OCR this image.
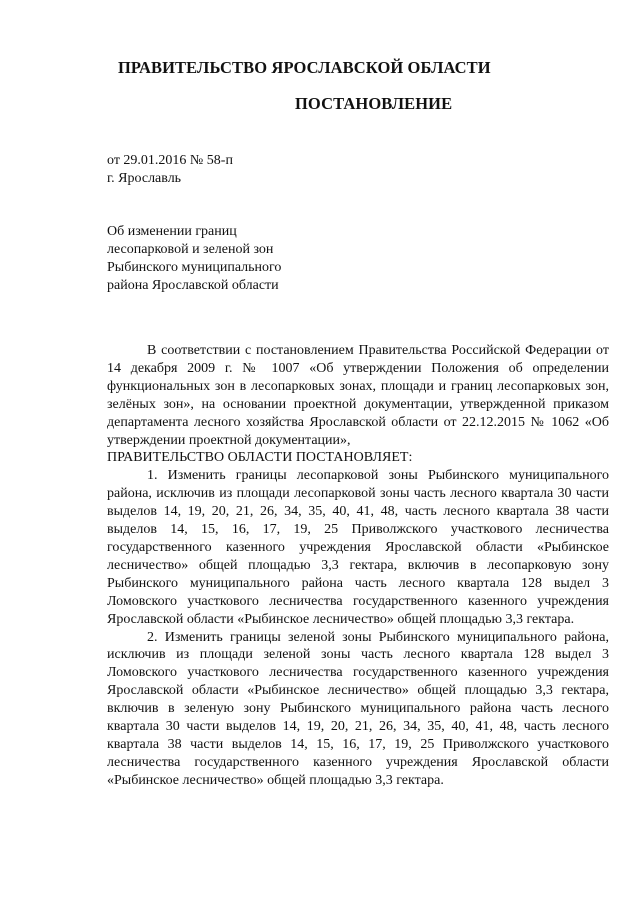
ПРАВИТЕЛЬСТВО ЯРОСЛАВСКОЙ ОБЛАСТИ
ПОСТАНОВЛЕНИЕ
от 29.01.2016 № 58-п
г. Ярославль
Об изменении границ
лесопарковой и зеленой зон
Рыбинского муниципального
района Ярославской области

В соответствии с постановлением Правительства Российской Федерации от 14 декабря 2009 г. № 1007 «Об утверждении Положения об определении функциональных зон в лесопарковых зонах, площади и границ лесопарковых зон, зелёных зон», на основании проектной документации, утвержденной приказом департамента лесного хозяйства Ярославской области от 22.12.2015 № 1062 «Об утверждении проектной документации»,

ПРАВИТЕЛЬСТВО ОБЛАСТИ ПОСТАНОВЛЯЕТ:

1. Изменить границы лесопарковой зоны Рыбинского муниципального района, исключив из площади лесопарковой зоны часть лесного квартала 30 части выделов 14, 19, 20, 21, 26, 34, 35, 40, 41, 48, часть лесного квартала 38 части выделов 14, 15, 16, 17, 19, 25 Приволжского участкового лесничества государственного казенного учреждения Ярославской области «Рыбинское лесничество» общей площадью 3,3 гектара, включив в лесопарковую зону Рыбинского муниципального района часть лесного квартала 128 выдел 3 Ломовского участкового лесничества государственного казенного учреждения Ярославской области «Рыбинское лесничество» общей площадью 3,3 гектара.

2. Изменить границы зеленой зоны Рыбинского муниципального района, исключив из площади зеленой зоны часть лесного квартала 128 выдел 3 Ломовского участкового лесничества государственного казенного учреждения Ярославской области «Рыбинское лесничество» общей площадью 3,3 гектара, включив в зеленую зону Рыбинского муниципального района часть лесного квартала 30 части выделов 14, 19, 20, 21, 26, 34, 35, 40, 41, 48, часть лесного квартала 38 части выделов 14, 15, 16, 17, 19, 25 Приволжского участкового лесничества государственного казенного учреждения Ярославской области «Рыбинское лесничество» общей площадью 3,3 гектара.
